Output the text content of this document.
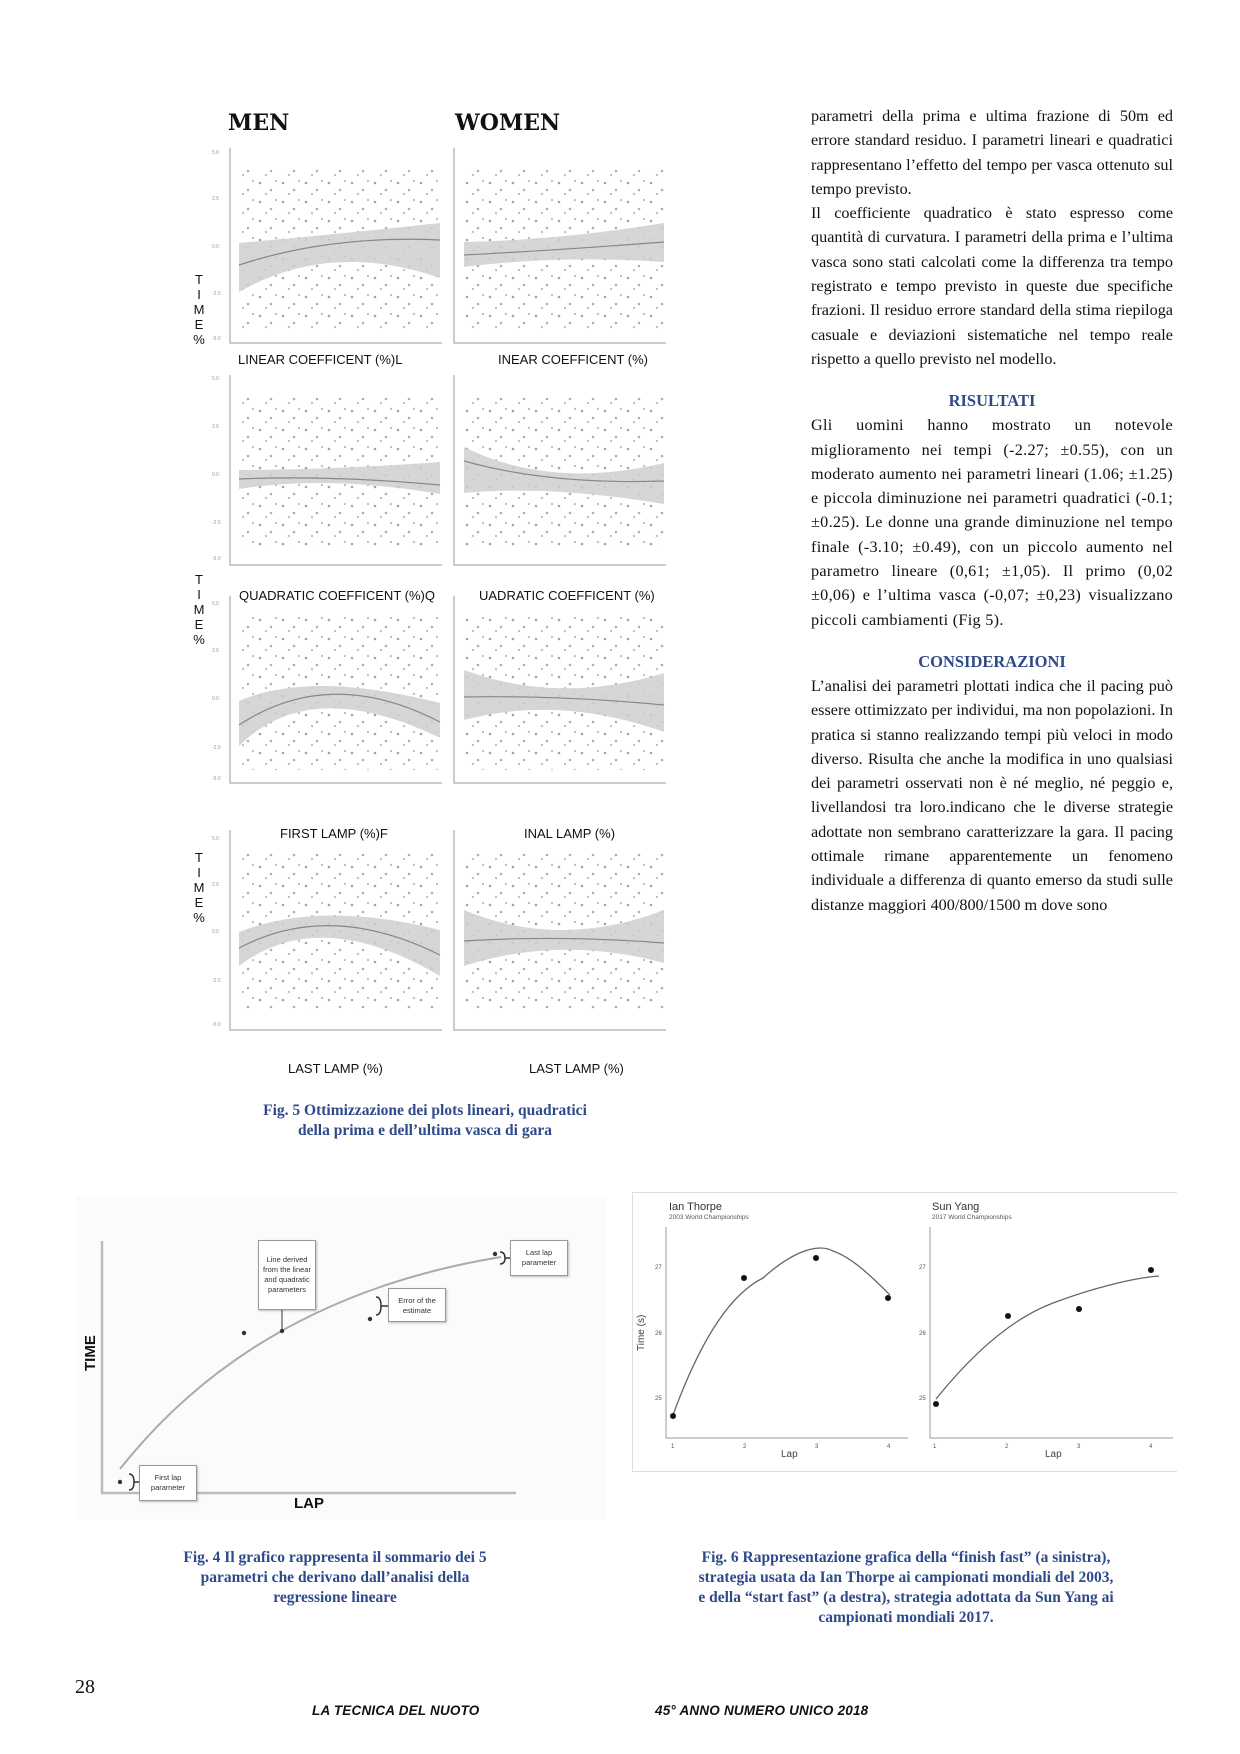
MEN	WOMEN
T
I
M
E
%
T
I
M
E
%
T
I
M
E
%
5.0
2.5
0.0
-2.5
-5.0
5.0
2.5
0.0
-2.5
-5.0
5.0
2.5
0.0
-2.5
-5.0
5.0
2.5
0.0
-2.5
-5.0
LINEAR COEFFICENT (%)L	INEAR COEFFICENT (%)
QUADRATIC COEFFICENT (%)Q	UADRATIC COEFFICENT (%)
FIRST LAMP (%)F	INAL LAMP (%)
LAST LAMP (%)	LAST LAMP (%)
Fig. 5 Ottimizzazione dei plots lineari, quadratici
della prima e dell’ultima vasca di gara

parametri della prima e ultima frazione di 50m ed errore standard residuo. I parametri lineari e quadratici rappresentano l’effetto del tempo per vasca ottenuto sul tempo previsto.

Il coefficiente quadratico è stato espresso come quantità di curvatura. I parametri della prima e l’ultima vasca sono stati calcolati come la differenza tra tempo registrato e tempo previsto in queste due specifiche frazioni. Il residuo errore standard della stima riepiloga casuale e deviazioni sistematiche nel tempo reale rispetto a quello previsto nel modello.

RISULTATI

Gli uomini hanno mostrato un notevole miglioramento nei tempi (-2.27; ±0.55), con un moderato aumento nei parametri lineari (1.06; ±1.25) e piccola diminuzione nei parametri quadratici (-0.1; ±0.25). Le donne una grande diminuzione nel tempo finale (-3.10; ±0.49), con un piccolo aumento nel parametro lineare (0,61; ±1,05). Il primo (0,02 ±0,06) e l’ultima vasca (-0,07; ±0,23) visualizzano piccoli cambiamenti (Fig 5).

CONSIDERAZIONI

L’analisi dei parametri plottati indica che il pacing può essere ottimizzato per individui, ma non popolazioni. In pratica si stanno realizzando tempi più veloci in modo diverso. Risulta che anche la modifica in uno qualsiasi dei parametri osservati non è né meglio, né peggio e, livellandosi tra loro.indicano che le diverse strategie adottate non sembrano caratterizzare la gara. Il pacing ottimale rimane apparentemente un fenomeno individuale a differenza di quanto emerso da studi sulle distanze maggiori 400/800/1500 m dove sono

TIME
LAP
Line derived from the linear and quadratic parameters
Error of the estimate
Last lap parameter
First lap parameter
Fig. 4 Il grafico rappresenta il sommario dei 5
parametri che derivano dall’analisi della
regressione lineare
Ian Thorpe
2003 World Championships
Sun Yang
2017 World Championships
27
26
25
27
26
25
1	2	3	4	1	2	3	4
Time (s)
Lap	Lap
Fig. 6 Rappresentazione grafica della “finish fast” (a sinistra),
strategia usata da Ian Thorpe ai campionati mondiali del 2003,
e della “start fast” (a destra), strategia adottata da Sun Yang ai
campionati mondiali 2017.
28
LA TECNICA DEL NUOTO	45° ANNO NUMERO UNICO 2018
